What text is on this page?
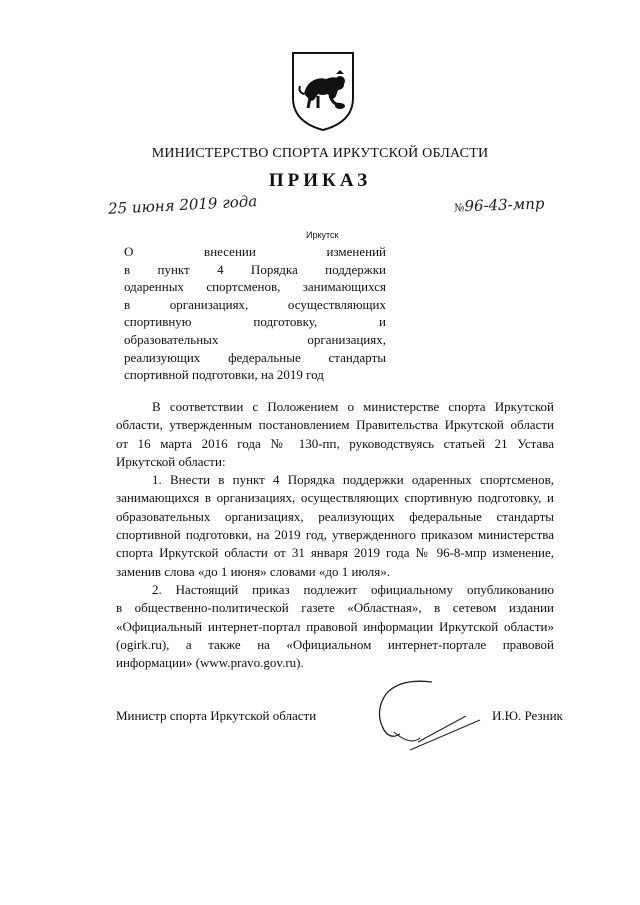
МИНИСТЕРСТВО СПОРТА ИРКУТСКОЙ ОБЛАСТИ
ПРИКАЗ
25 июня 2019 года	№96-43-мпр
Иркутск
О внесении изменений
в пункт 4 Порядка поддержки
одаренных спортсменов, занимающихся
в организациях, осуществляющих
спортивную подготовку, и
образовательных организациях,
реализующих федеральные стандарты
спортивной подготовки, на 2019 год
В соответствии с Положением о министерстве спорта Иркутской
области, утвержденным постановлением Правительства Иркутской области
от 16 марта 2016 года № 130-пп, руководствуясь статьей 21 Устава
Иркутской области:
1. Внести в пункт 4 Порядка поддержки одаренных спортсменов,
занимающихся в организациях, осуществляющих спортивную подготовку, и
образовательных организациях, реализующих федеральные стандарты
спортивной подготовки, на 2019 год, утвержденного приказом министерства
спорта Иркутской области от 31 января 2019 года № 96-8-мпр изменение,
заменив слова «до 1 июня» словами «до 1 июля».
2. Настоящий приказ подлежит официальному опубликованию
в общественно-политической газете «Областная», в сетевом издании
«Официальный интернет-портал правовой информации Иркутской области»
(ogirk.ru), а также на «Официальном интернет-портале правовой
информации» (www.pravo.gov.ru).
Министр спорта Иркутской области	И.Ю. Резник
